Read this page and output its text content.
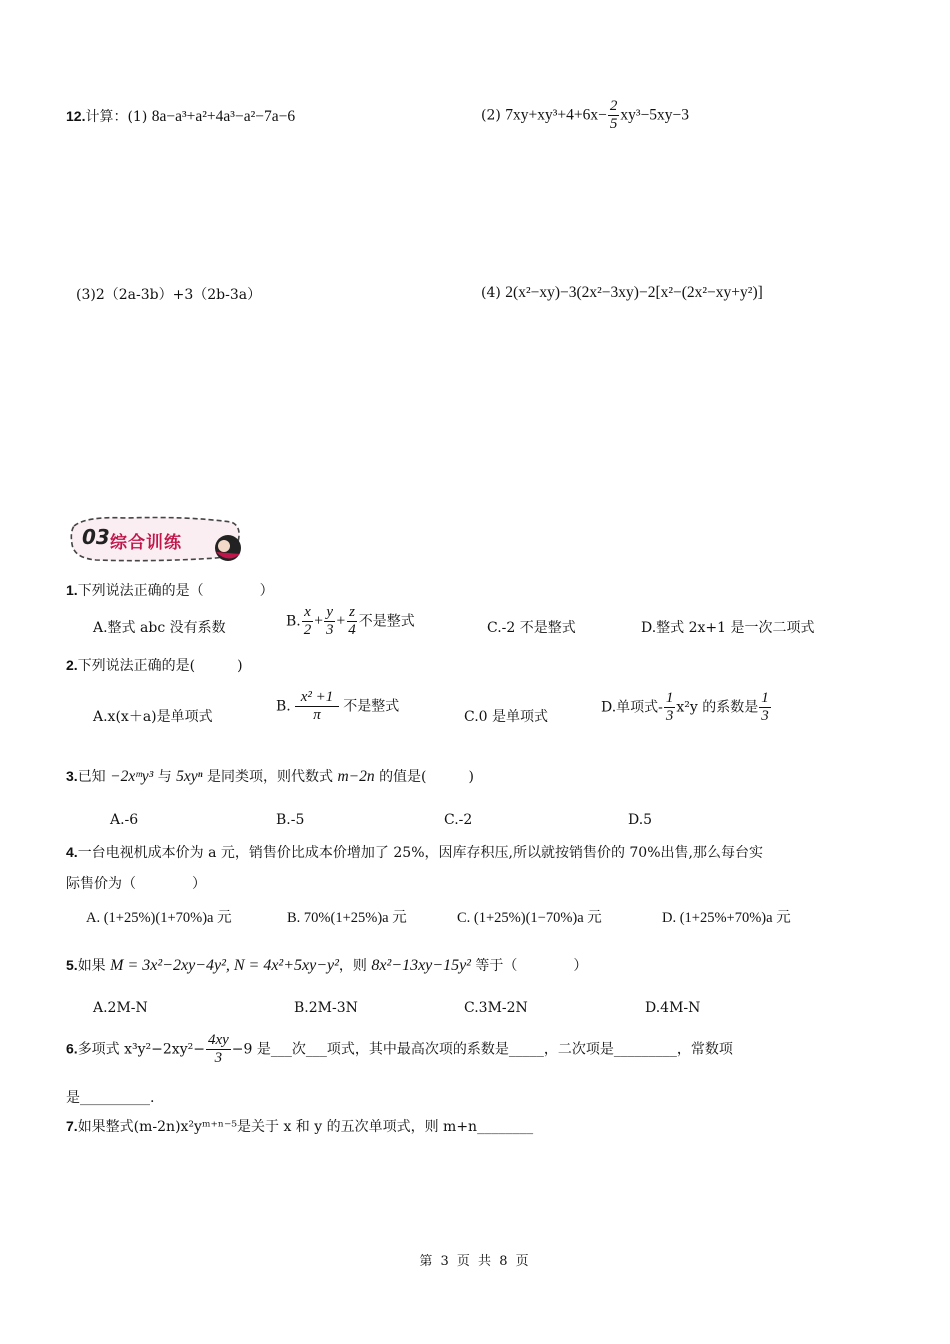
12.计算：(1) 8a−a³+a²+4a³−a²−7a−6	(2) $7xy+xy^3+4+6x- \frac{2}{5} xy^3-5xy-3$
(3)2（2a-3b）+3（2b-3a）	(4) 2(x²−xy)−3(2x²−3xy)−2[x²−(2x²−xy+y²)]
03 综合训练
1.下列说法正确的是（　　　　）
A.整式 abc 没有系数	B. $\frac{x}{2} + \frac{y}{3} + \frac{z}{4}$ 不是整式	C.-2 不是整式	D.整式 2x+1 是一次二项式
2.下列说法正确的是(　　　)
A.x(x＋a)是单项式
B. $\frac{\text{x² +1}}{\pi}$ 不是整式
C.0 是单项式
D.单项式- $\frac{1}{3} x^2y$ 的系数是 $\frac{1}{3}$
3.已知 −2xᵐy³ 与 5xyⁿ 是同类项，则代数式 m−2n 的值是(　　　)
A.-6	B.-5	C.-2	D.5
4.一台电视机成本价为 a 元，销售价比成本价增加了 25%，因库存积压,所以就按销售价的 70%出售,那么每台实
际售价为（　　　　）
A. (1+25%)(1+70%)a 元	B. 70%(1+25%)a 元	C. (1+25%)(1−70%)a 元	D. (1+25%+70%)a 元
5.如果 M = 3x²−2xy−4y², N = 4x²+5xy−y²，则 8x²−13xy−15y² 等于（　　　　）
A.2M-N	B.2M-3N	C.3M-2N	D.4M-N
6.多项式 $x^3y^2-2xy^2- \frac{4xy}{3} -9$ 是___次___项式，其中最高次项的系数是_____，二次项是_________，常数项
是__________.
7.如果整式(m-2n)x²yᵐ⁺ⁿ⁻⁵是关于 x 和 y 的五次单项式，则 m+n________
第 3 页 共 8 页
